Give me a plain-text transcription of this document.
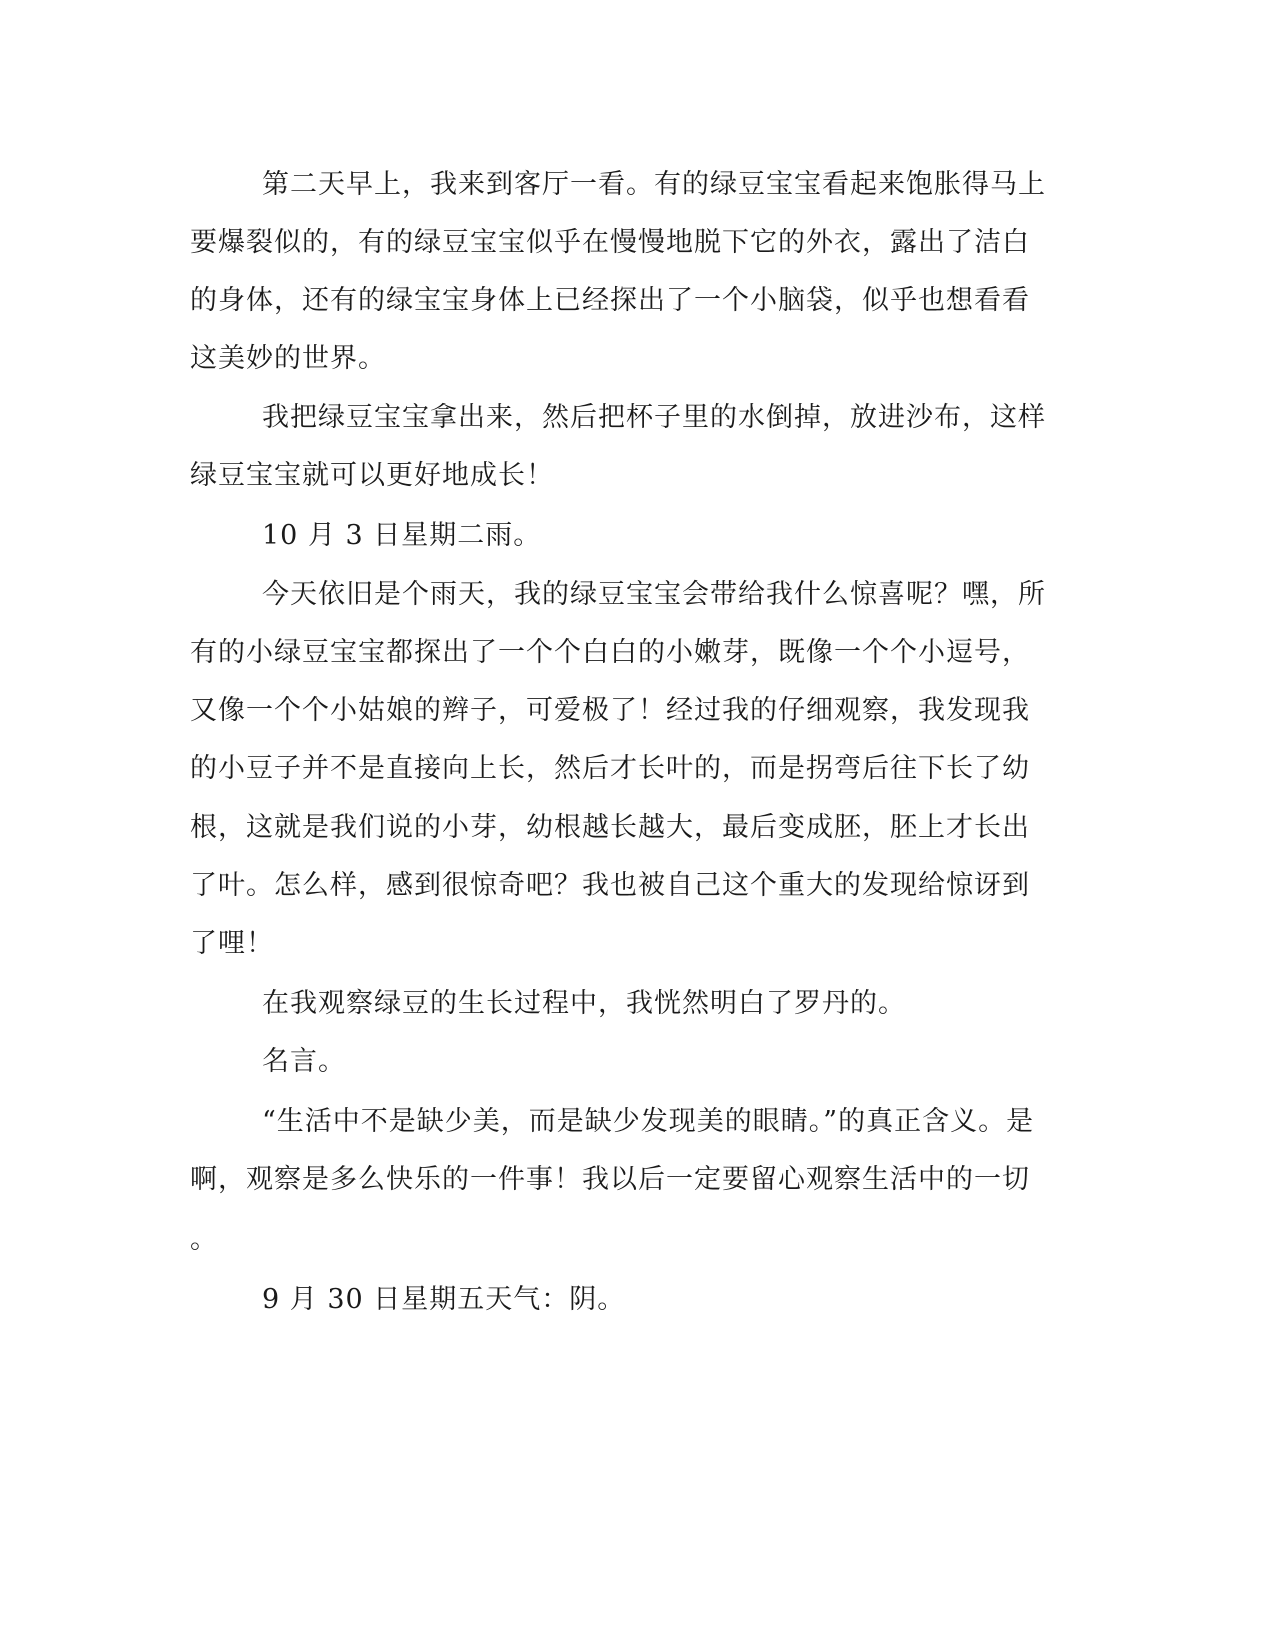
第二天早上，我来到客厅一看。有的绿豆宝宝看起来饱胀得马上
要爆裂似的，有的绿豆宝宝似乎在慢慢地脱下它的外衣，露出了洁白
的身体，还有的绿宝宝身体上已经探出了一个小脑袋，似乎也想看看
这美妙的世界。
我把绿豆宝宝拿出来，然后把杯子里的水倒掉，放进沙布，这样
绿豆宝宝就可以更好地成长！
10 月 3 日星期二雨。
今天依旧是个雨天，我的绿豆宝宝会带给我什么惊喜呢？嘿，所
有的小绿豆宝宝都探出了一个个白白的小嫩芽，既像一个个小逗号，
又像一个个小姑娘的辫子，可爱极了！经过我的仔细观察，我发现我
的小豆子并不是直接向上长，然后才长叶的，而是拐弯后往下长了幼
根，这就是我们说的小芽，幼根越长越大，最后变成胚，胚上才长出
了叶。怎么样，感到很惊奇吧？我也被自己这个重大的发现给惊讶到
了哩！
在我观察绿豆的生长过程中，我恍然明白了罗丹的。
名言。
“生活中不是缺少美，而是缺少发现美的眼睛。”的真正含义。是
啊，观察是多么快乐的一件事！我以后一定要留心观察生活中的一切
。
9 月 30 日星期五天气：阴。
